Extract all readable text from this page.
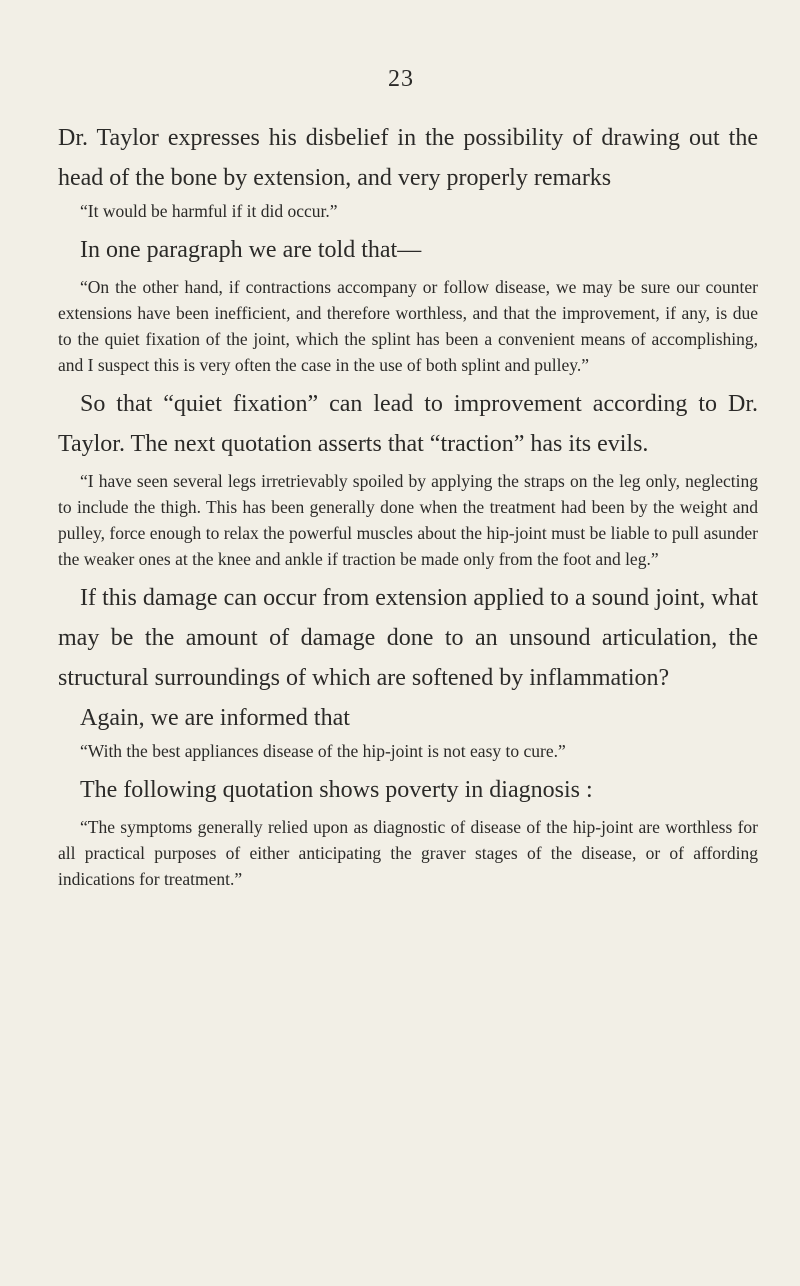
23

Dr. Taylor expresses his disbelief in the possibility of drawing out the head of the bone by extension, and very properly remarks

“It would be harmful if it did occur.”

In one paragraph we are told that—

“On the other hand, if contractions accompany or follow disease, we may be sure our counter extensions have been inefficient, and therefore worthless, and that the improvement, if any, is due to the quiet fixation of the joint, which the splint has been a convenient means of accomplishing, and I suspect this is very often the case in the use of both splint and pulley.”

So that “quiet fixation” can lead to improvement according to Dr. Taylor. The next quotation asserts that “traction” has its evils.

“I have seen several legs irretrievably spoiled by applying the straps on the leg only, neglecting to include the thigh. This has been generally done when the treatment had been by the weight and pulley, force enough to relax the powerful muscles about the hip-joint must be liable to pull asunder the weaker ones at the knee and ankle if traction be made only from the foot and leg.”

If this damage can occur from extension applied to a sound joint, what may be the amount of damage done to an unsound articulation, the structural surroundings of which are softened by inflammation?

Again, we are informed that

“With the best appliances disease of the hip-joint is not easy to cure.”

The following quotation shows poverty in diagnosis :

“The symptoms generally relied upon as diagnostic of disease of the hip-joint are worthless for all practical purposes of either anticipating the graver stages of the disease, or of affording indications for treatment.”
